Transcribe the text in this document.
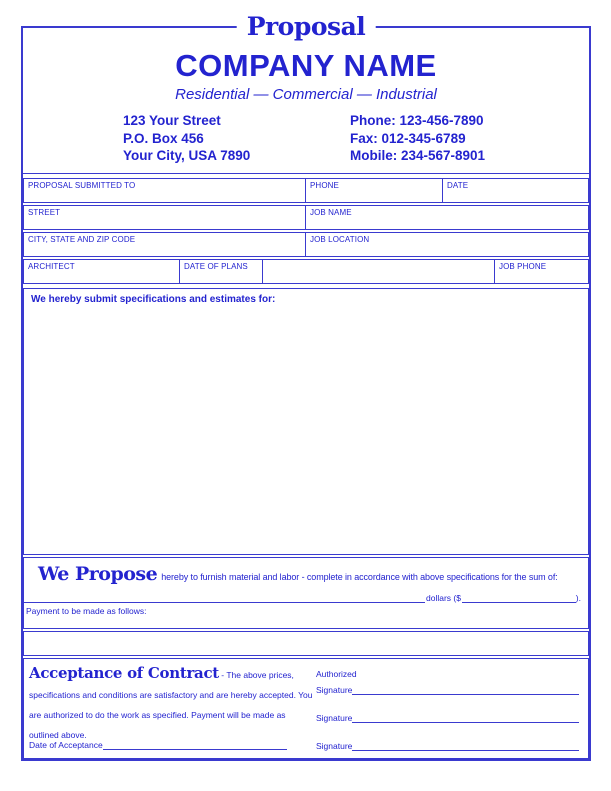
Proposal
COMPANY NAME
Residential — Commercial — Industrial
123 Your Street
P.O. Box 456
Your City, USA 7890
Phone: 123-456-7890
Fax: 012-345-6789
Mobile: 234-567-8901
PROPOSAL SUBMITTED TO	PHONE	DATE
STREET	JOB NAME
CITY, STATE AND ZIP CODE	JOB LOCATION
ARCHITECT	DATE OF PLANS	JOB PHONE
We hereby submit specifications and estimates for:
We Propose hereby to furnish material and labor - complete in accordance with above specifications for the sum of:
dollars ($	).
Payment to be made as follows:
Acceptance of Contract - The above prices, specifications and conditions are satisfactory and are hereby accepted. You are authorized to do the work as specified. Payment will be made as outlined above.
Date of Acceptance
Authorized
Signature
Signature
Signature
